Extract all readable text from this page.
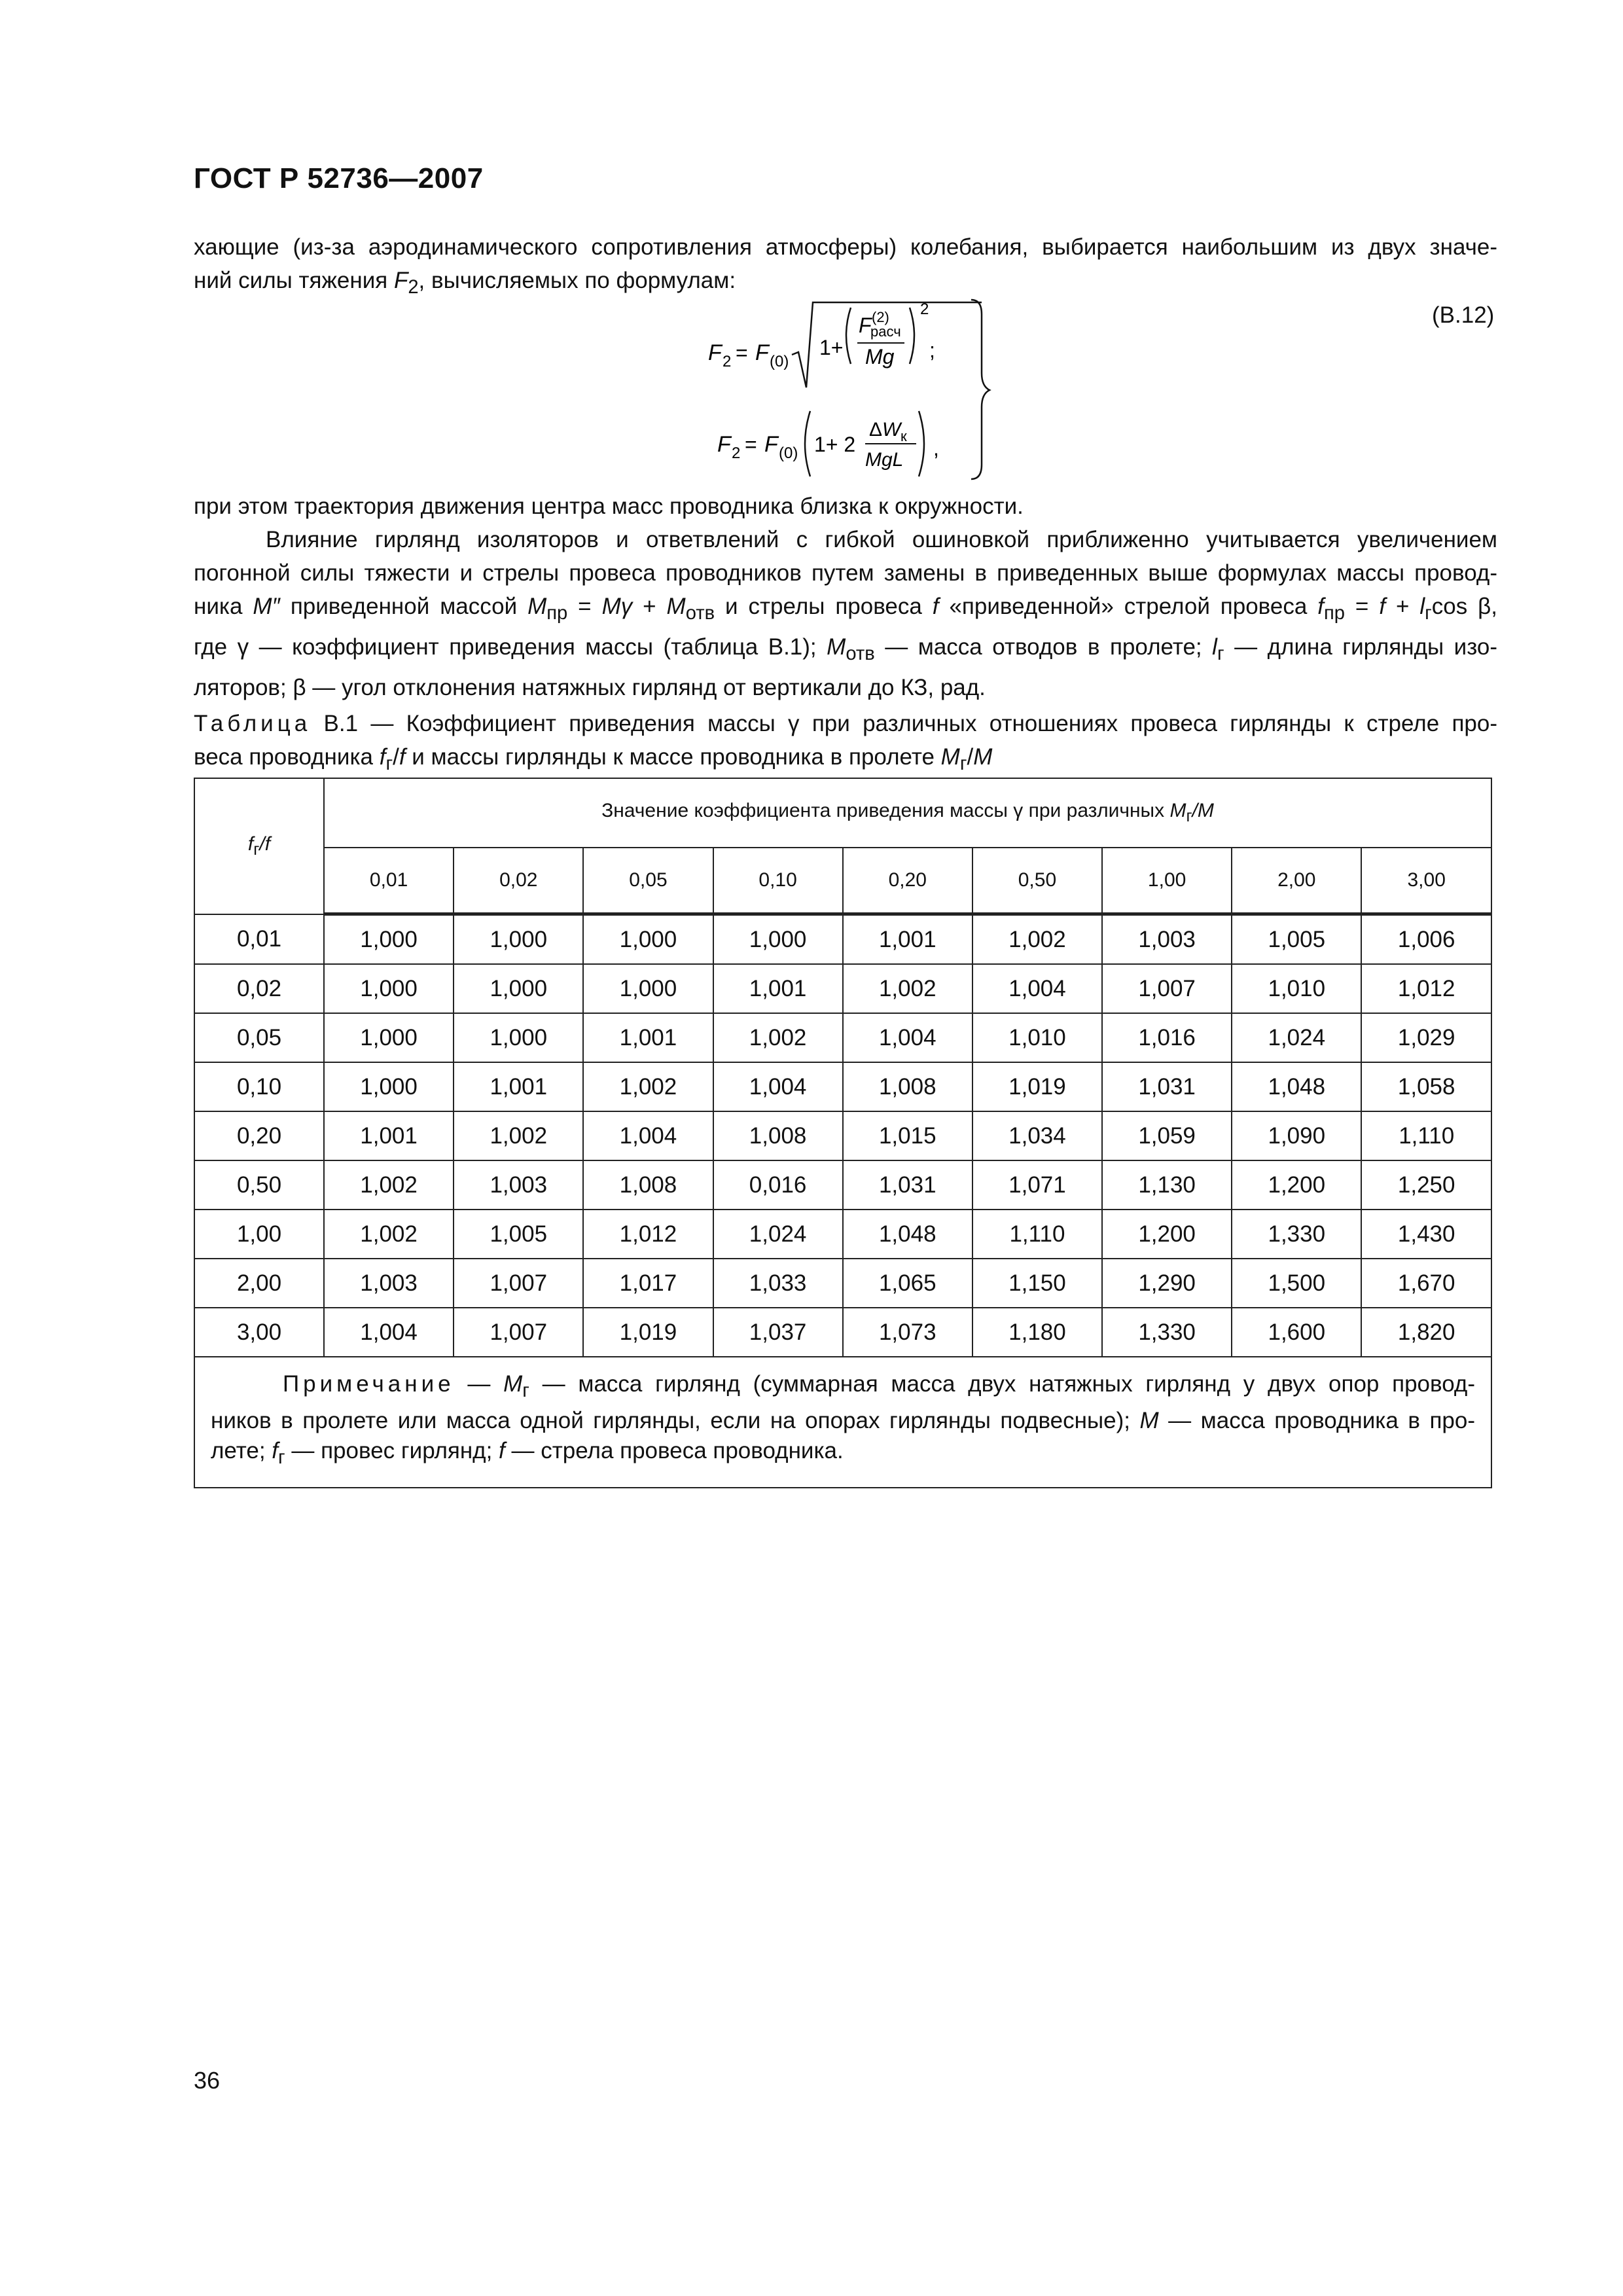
ГОСТ Р 52736—2007
хающие (из-за аэродинамического сопротивления атмосферы) колебания, выбирается наибольшим из двух значе-
ний силы тяжения $F_2$, вычисляемых по формулам:
(В.12)
F 2 = F (0)
1+
F (2)
расч
Mg
2
;
F 2 = F (0) 1+ 2
Δ W к
MgL ,
при этом траектория движения центра масс проводника близка к окружности.
Влияние гирлянд изоляторов и ответвлений с гибкой ошиновкой приближенно учитывается увеличением
погонной силы тяжести и стрелы провеса проводников путем замены в приведенных выше формулах массы провод-
ника M″ приведенной массой $M_{пр} = M\gamma + M_{отв}$ и стрелы провеса f «приведенной» стрелой провеса $f_{пр} = f + l_г\cos$ β,
где γ — коэффициент приведения массы (таблица В.1); $M_{отв}$ — масса отводов в пролете; $l_г$ — длина гирлянды изо-
ляторов; β — угол отклонения натяжных гирлянд от вертикали до КЗ, рад.
Таблица В.1 — Коэффициент приведения массы γ при различных отношениях провеса гирлянды к стреле про-
веса проводника $f_г/f$ и массы гирлянды к массе проводника в пролете $M_г/M$
$f_г/f$	Значение коэффициента приведения массы γ при различных $M_г/M$								
	0,01	0,02	0,05	0,10	0,20	0,50	1,00	2,00	3,00
0,01	1,000	1,000	1,000	1,000	1,001	1,002	1,003	1,005	1,006
0,02	1,000	1,000	1,000	1,001	1,002	1,004	1,007	1,010	1,012
0,05	1,000	1,000	1,001	1,002	1,004	1,010	1,016	1,024	1,029
0,10	1,000	1,001	1,002	1,004	1,008	1,019	1,031	1,048	1,058
0,20	1,001	1,002	1,004	1,008	1,015	1,034	1,059	1,090	1,110
0,50	1,002	1,003	1,008	0,016	1,031	1,071	1,130	1,200	1,250
1,00	1,002	1,005	1,012	1,024	1,048	1,110	1,200	1,330	1,430
2,00	1,003	1,007	1,017	1,033	1,065	1,150	1,290	1,500	1,670
3,00	1,004	1,007	1,019	1,037	1,073	1,180	1,330	1,600	1,820

Примечание — $M_г$ — масса гирлянд (суммарная масса двух натяжных гирлянд у двух опор провод-
ников в пролете или масса одной гирлянды, если на опорах гирлянды подвесные); M — масса проводника в про-
лете; $f_г$ — провес гирлянд; f — стрела провеса проводника.									
36
